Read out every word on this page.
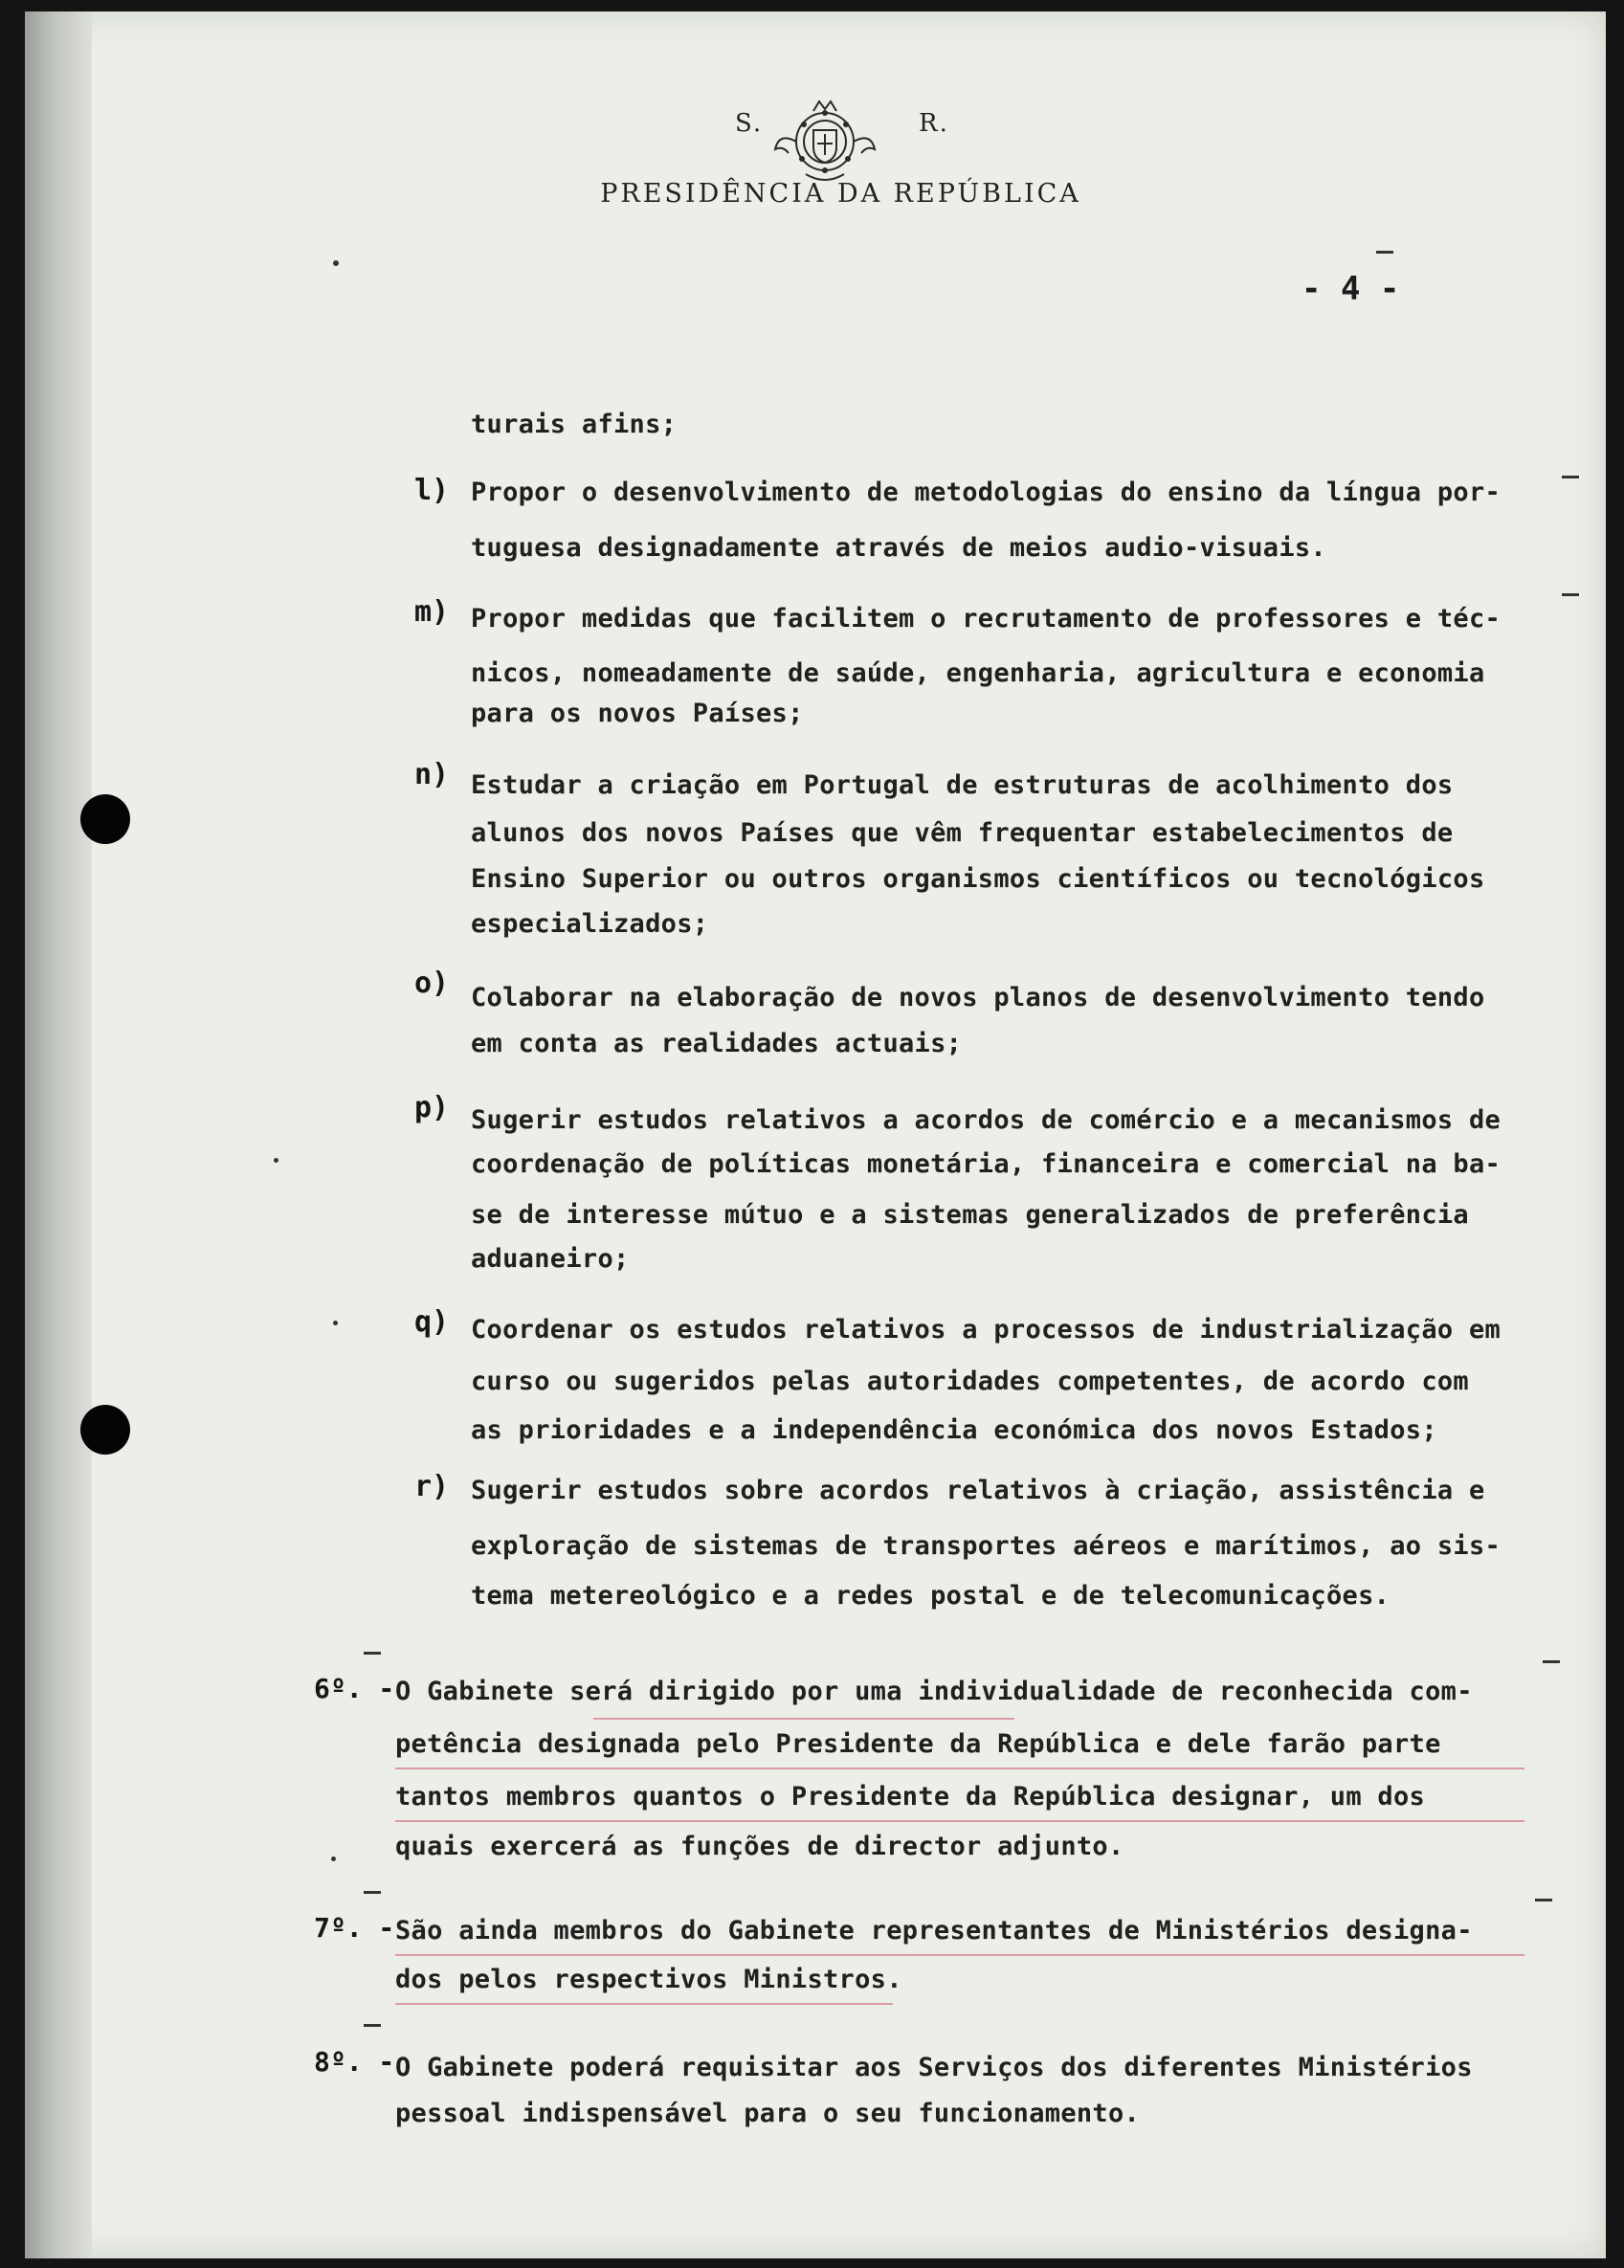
S.	R.
PRESIDÊNCIA DA REPÚBLICA
- 4 -
turais afins;
l) Propor o desenvolvimento de metodologias do ensino da língua por-
tuguesa designadamente através de meios audio-visuais.
m) Propor medidas que facilitem o recrutamento de professores e téc-
nicos, nomeadamente de saúde, engenharia, agricultura e economia
para os novos Países;
n) Estudar a criação em Portugal de estruturas de acolhimento dos
alunos dos novos Países que vêm frequentar estabelecimentos de
Ensino Superior ou outros organismos científicos ou tecnológicos
especializados;
o) Colaborar na elaboração de novos planos de desenvolvimento tendo
em conta as realidades actuais;
p) Sugerir estudos relativos a acordos de comércio e a mecanismos de
coordenação de políticas monetária, financeira e comercial na ba-
se de interesse mútuo e a sistemas generalizados de preferência
aduaneiro;
q) Coordenar os estudos relativos a processos de industrialização em
curso ou sugeridos pelas autoridades competentes, de acordo com
as prioridades e a independência económica dos novos Estados;
r) Sugerir estudos sobre acordos relativos à criação, assistência e
exploração de sistemas de transportes aéreos e marítimos, ao sis-
tema metereológico e a redes postal e de telecomunicações.
6º. - O Gabinete será dirigido por uma individualidade de reconhecida com-
petência designada pelo Presidente da República e dele farão parte
tantos membros quantos o Presidente da República designar, um dos
quais exercerá as funções de director adjunto.
7º. - São ainda membros do Gabinete representantes de Ministérios designa-
dos pelos respectivos Ministros.
8º. - O Gabinete poderá requisitar aos Serviços dos diferentes Ministérios
pessoal indispensável para o seu funcionamento.
